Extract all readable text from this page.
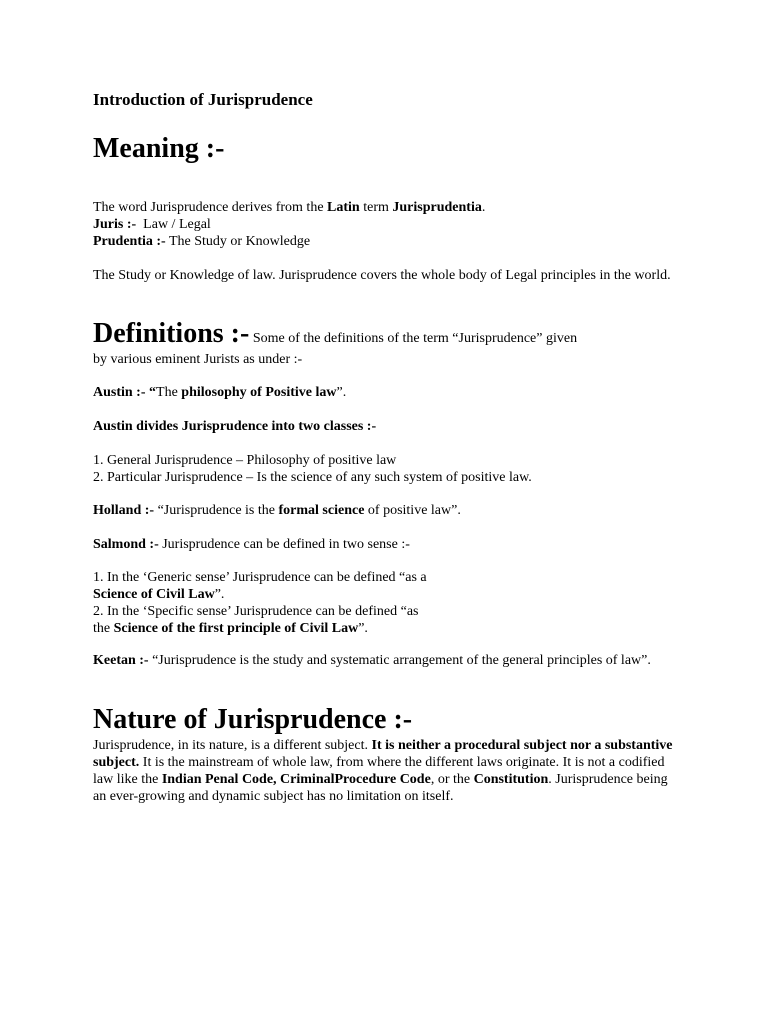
Introduction of Jurisprudence
Meaning :-

The word Jurisprudence derives from the Latin term Jurisprudentia.

Juris :-  Law / Legal

Prudentia :- The Study or Knowledge

The Study or Knowledge of law. Jurisprudence covers the whole body of Legal principles in the world.
Definitions :- Some of the definitions of the term “Jurisprudence” given
by various eminent Jurists as under :-
Austin :- “The philosophy of Positive law”.
Austin divides Jurisprudence into two classes :-

1. General Jurisprudence – Philosophy of positive law

2. Particular Jurisprudence – Is the science of any such system of positive law.

Holland :- “Jurisprudence is the formal science of positive law”.
Salmond :- Jurisprudence can be defined in two sense :-

1. In the ‘Generic sense’ Jurisprudence can be defined “as a

Science of Civil Law”.

2. In the ‘Specific sense’ Jurisprudence can be defined “as

the Science of the first principle of Civil Law”.

Keetan :- “Jurisprudence is the study and systematic arrangement of the general principles of law”.
Nature of Jurisprudence :-
Jurisprudence, in its nature, is a different subject. It is neither a procedural subject nor a substantive subject. It is the mainstream of whole law, from where the different laws originate. It is not a codified law like the Indian Penal Code, CriminalProcedure Code, or the Constitution. Jurisprudence being an ever-growing and dynamic subject has no limitation on itself.
